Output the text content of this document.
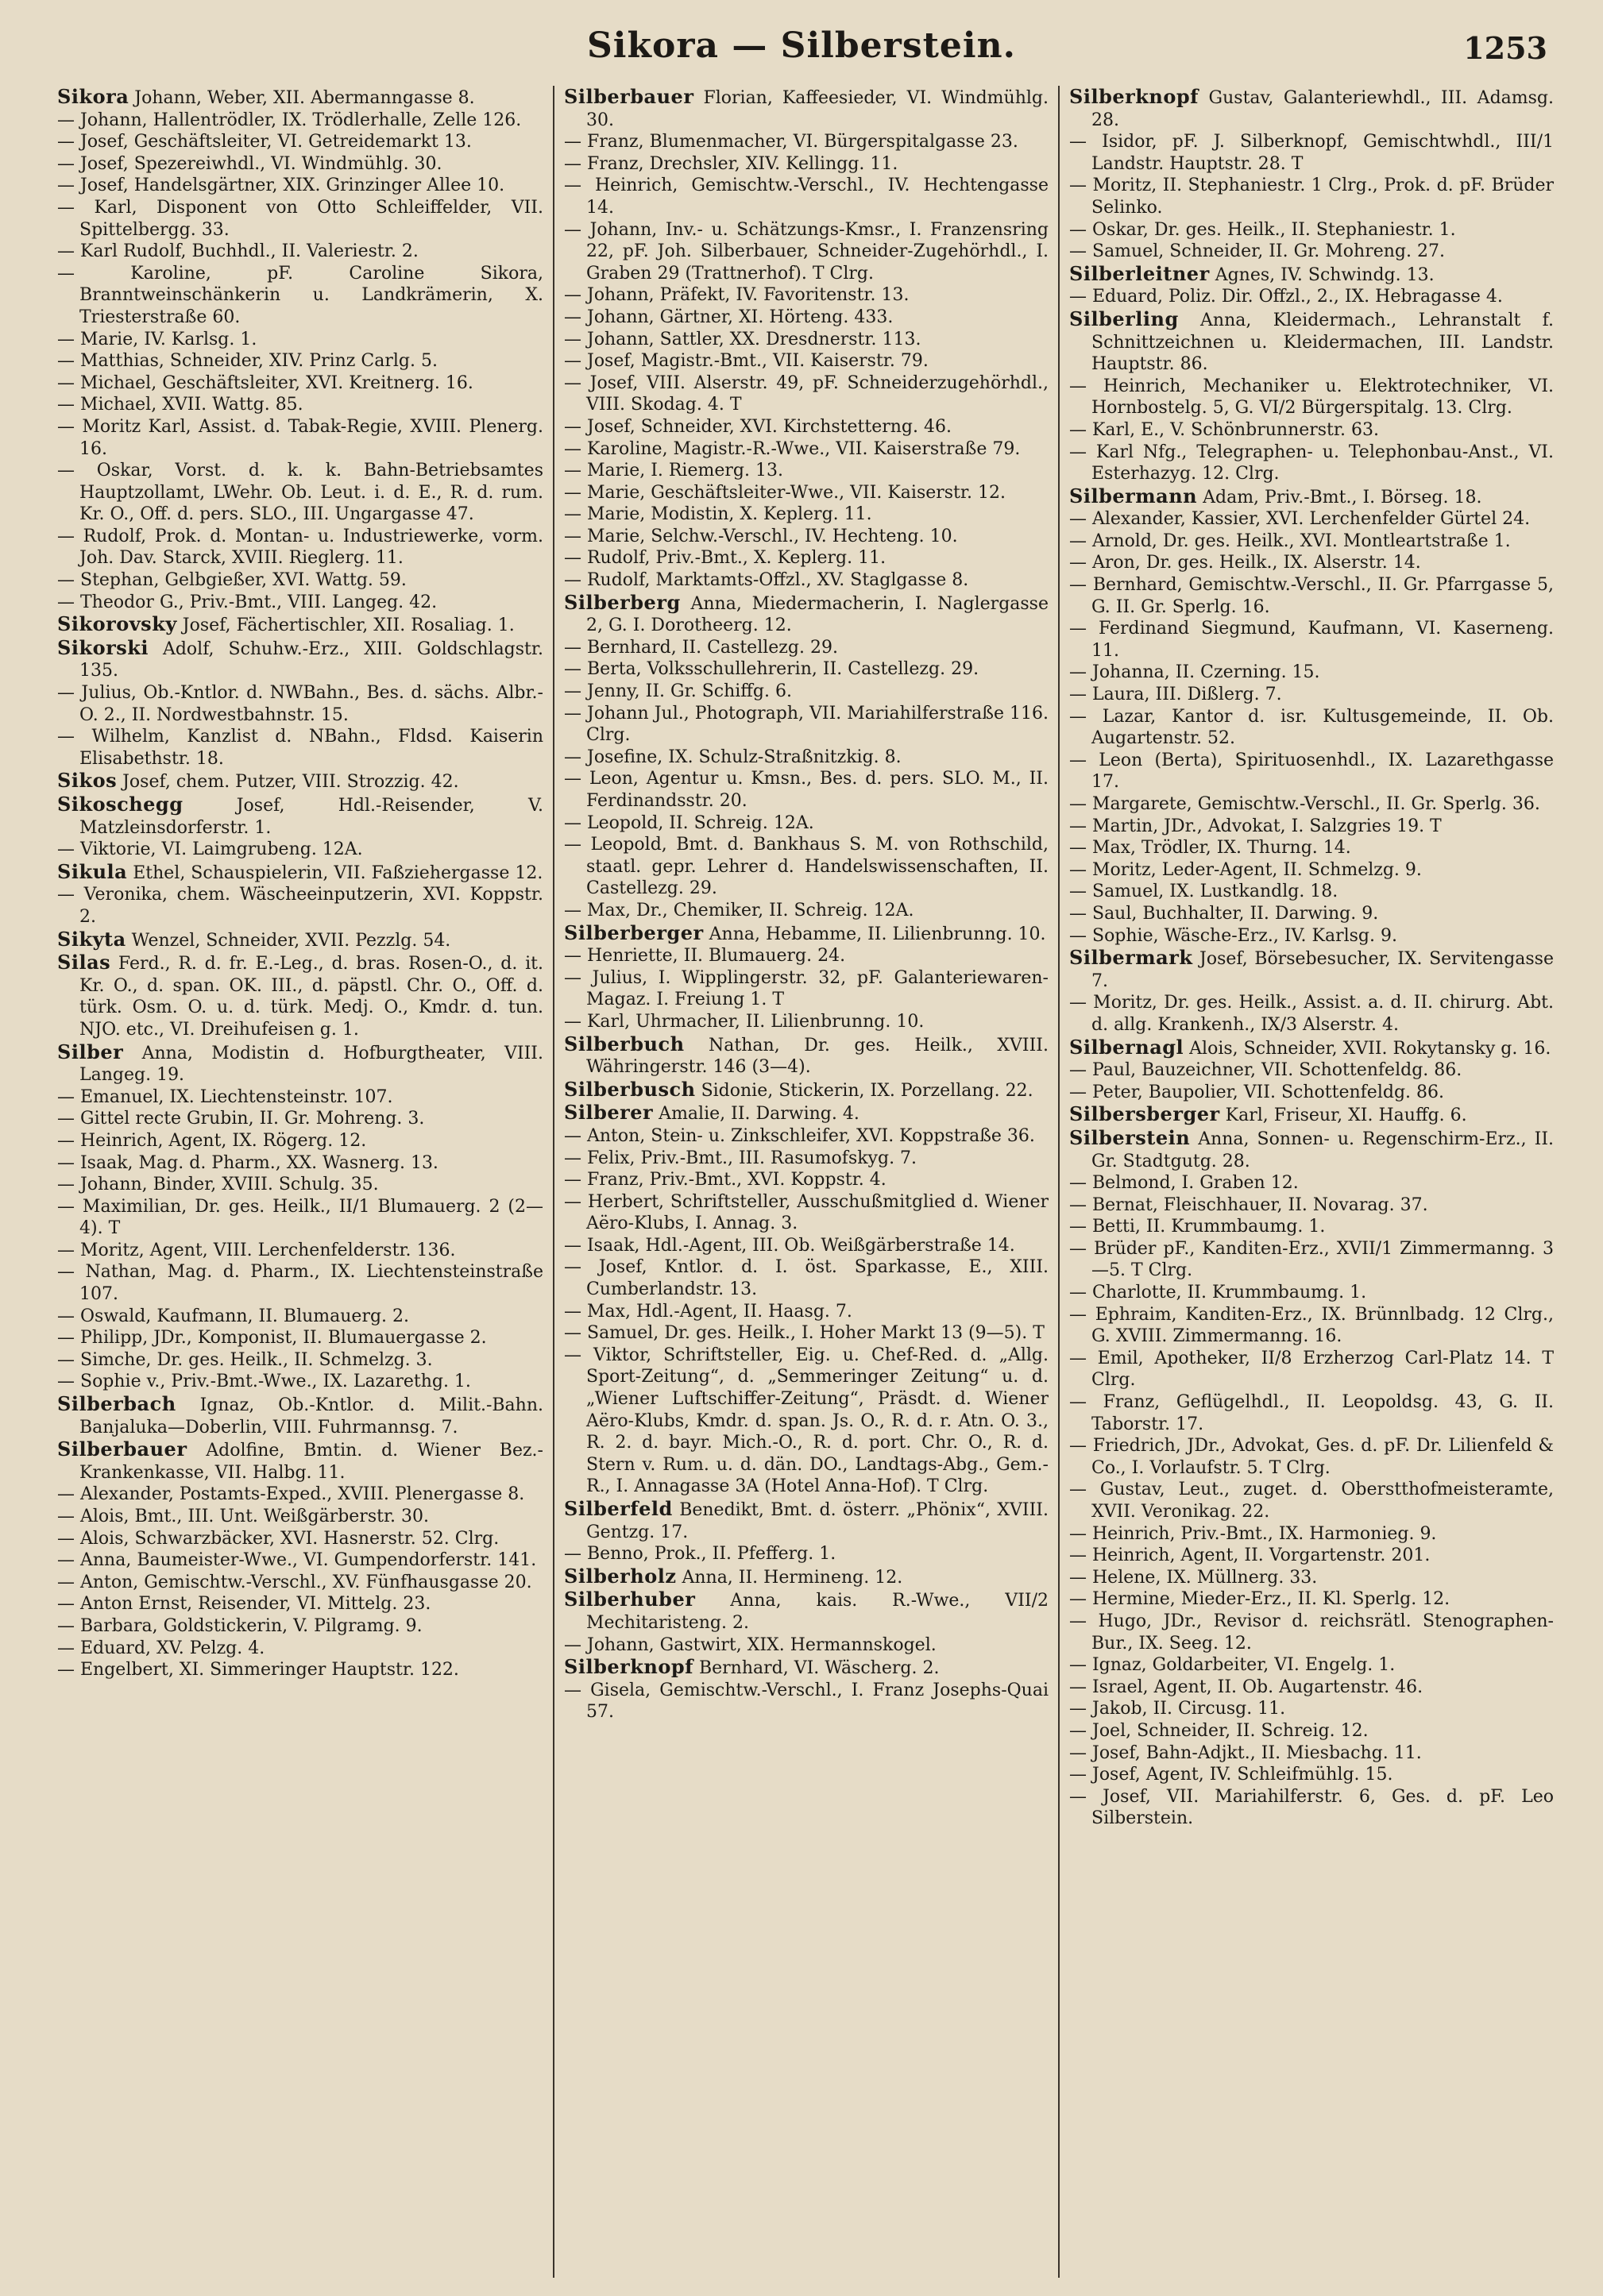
Sikora — Silberstein.	1253

Sikora Johann, Weber, XII. Abermanngasse 8.

— Johann, Hallentrödler, IX. Trödlerhalle, Zelle 126.

— Josef, Geschäftsleiter, VI. Getreidemarkt 13.

— Josef, Spezereiwhdl., VI. Windmühlg. 30.

— Josef, Handelsgärtner, XIX. Grinzinger Allee 10.

— Karl, Disponent von Otto Schleiffelder, VII. Spittelbergg. 33.

— Karl Rudolf, Buchhdl., II. Valeriestr. 2.

— Karoline, pF. Caroline Sikora, Branntweinschänkerin u. Landkrämerin, X. Triesterstraße 60.

— Marie, IV. Karlsg. 1.

— Matthias, Schneider, XIV. Prinz Carlg. 5.

— Michael, Geschäftsleiter, XVI. Kreitnerg. 16.

— Michael, XVII. Wattg. 85.

— Moritz Karl, Assist. d. Tabak-Regie, XVIII. Plenerg. 16.

— Oskar, Vorst. d. k. k. Bahn-Betriebsamtes Hauptzollamt, LWehr. Ob. Leut. i. d. E., R. d. rum. Kr. O., Off. d. pers. SLO., III. Ungargasse 47.

— Rudolf, Prok. d. Montan- u. Industriewerke, vorm. Joh. Dav. Starck, XVIII. Rieglerg. 11.

— Stephan, Gelbgießer, XVI. Wattg. 59.

— Theodor G., Priv.-Bmt., VIII. Langeg. 42.

Sikorovsky Josef, Fächertischler, XII. Rosaliag. 1.

Sikorski Adolf, Schuhw.-Erz., XIII. Goldschlagstr. 135.

— Julius, Ob.-Kntlor. d. NWBahn., Bes. d. sächs. Albr.-O. 2., II. Nordwestbahnstr. 15.

— Wilhelm, Kanzlist d. NBahn., Fldsd. Kaiserin Elisabethstr. 18.

Sikos Josef, chem. Putzer, VIII. Strozzig. 42.

Sikoschegg Josef, Hdl.-Reisender, V. Matzleinsdorferstr. 1.

— Viktorie, VI. Laimgrubeng. 12A.

Sikula Ethel, Schauspielerin, VII. Faßziehergasse 12.

— Veronika, chem. Wäscheeinputzerin, XVI. Koppstr. 2.

Sikyta Wenzel, Schneider, XVII. Pezzlg. 54.

Silas Ferd., R. d. fr. E.-Leg., d. bras. Rosen-O., d. it. Kr. O., d. span. OK. III., d. päpstl. Chr. O., Off. d. türk. Osm. O. u. d. türk. Medj. O., Kmdr. d. tun. NJO. etc., VI. Dreihufeisen g. 1.

Silber Anna, Modistin d. Hofburgtheater, VIII. Langeg. 19.

— Emanuel, IX. Liechtensteinstr. 107.

— Gittel recte Grubin, II. Gr. Mohreng. 3.

— Heinrich, Agent, IX. Rögerg. 12.

— Isaak, Mag. d. Pharm., XX. Wasnerg. 13.

— Johann, Binder, XVIII. Schulg. 35.

— Maximilian, Dr. ges. Heilk., II/1 Blumauerg. 2 (2—4). T

— Moritz, Agent, VIII. Lerchenfelderstr. 136.

— Nathan, Mag. d. Pharm., IX. Liechtensteinstraße 107.

— Oswald, Kaufmann, II. Blumauerg. 2.

— Philipp, JDr., Komponist, II. Blumauergasse 2.

— Simche, Dr. ges. Heilk., II. Schmelzg. 3.

— Sophie v., Priv.-Bmt.-Wwe., IX. Lazarethg. 1.

Silberbach Ignaz, Ob.-Kntlor. d. Milit.-Bahn. Banjaluka—Doberlin, VIII. Fuhrmannsg. 7.

Silberbauer Adolfine, Bmtin. d. Wiener Bez.-Krankenkasse, VII. Halbg. 11.

— Alexander, Postamts-Exped., XVIII. Plenergasse 8.

— Alois, Bmt., III. Unt. Weißgärberstr. 30.

— Alois, Schwarzbäcker, XVI. Hasnerstr. 52. Clrg.

— Anna, Baumeister-Wwe., VI. Gumpendorferstr. 141.

— Anton, Gemischtw.-Verschl., XV. Fünfhausgasse 20.

— Anton Ernst, Reisender, VI. Mittelg. 23.

— Barbara, Goldstickerin, V. Pilgramg. 9.

— Eduard, XV. Pelzg. 4.

— Engelbert, XI. Simmeringer Hauptstr. 122.

Silberbauer Florian, Kaffeesieder, VI. Windmühlg. 30.

— Franz, Blumenmacher, VI. Bürgerspitalgasse 23.

— Franz, Drechsler, XIV. Kellingg. 11.

— Heinrich, Gemischtw.-Verschl., IV. Hechtengasse 14.

— Johann, Inv.- u. Schätzungs-Kmsr., I. Franzensring 22, pF. Joh. Silberbauer, Schneider-Zugehörhdl., I. Graben 29 (Trattnerhof). T Clrg.

— Johann, Präfekt, IV. Favoritenstr. 13.

— Johann, Gärtner, XI. Hörteng. 433.

— Johann, Sattler, XX. Dresdnerstr. 113.

— Josef, Magistr.-Bmt., VII. Kaiserstr. 79.

— Josef, VIII. Alserstr. 49, pF. Schneiderzugehörhdl., VIII. Skodag. 4. T

— Josef, Schneider, XVI. Kirchstetterng. 46.

— Karoline, Magistr.-R.-Wwe., VII. Kaiserstraße 79.

— Marie, I. Riemerg. 13.

— Marie, Geschäftsleiter-Wwe., VII. Kaiserstr. 12.

— Marie, Modistin, X. Keplerg. 11.

— Marie, Selchw.-Verschl., IV. Hechteng. 10.

— Rudolf, Priv.-Bmt., X. Keplerg. 11.

— Rudolf, Marktamts-Offzl., XV. Staglgasse 8.

Silberberg Anna, Miedermacherin, I. Naglergasse 2, G. I. Dorotheerg. 12.

— Bernhard, II. Castellezg. 29.

— Berta, Volksschullehrerin, II. Castellezg. 29.

— Jenny, II. Gr. Schiffg. 6.

— Johann Jul., Photograph, VII. Mariahilferstraße 116. Clrg.

— Josefine, IX. Schulz-Straßnitzkig. 8.

— Leon, Agentur u. Kmsn., Bes. d. pers. SLO. M., II. Ferdinandsstr. 20.

— Leopold, II. Schreig. 12A.

— Leopold, Bmt. d. Bankhaus S. M. von Rothschild, staatl. gepr. Lehrer d. Handelswissenschaften, II. Castellezg. 29.

— Max, Dr., Chemiker, II. Schreig. 12A.

Silberberger Anna, Hebamme, II. Lilienbrunng. 10.

— Henriette, II. Blumauerg. 24.

— Julius, I. Wipplingerstr. 32, pF. Galanteriewaren-Magaz. I. Freiung 1. T

— Karl, Uhrmacher, II. Lilienbrunng. 10.

Silberbuch Nathan, Dr. ges. Heilk., XVIII. Währingerstr. 146 (3—4).

Silberbusch Sidonie, Stickerin, IX. Porzellang. 22.

Silberer Amalie, II. Darwing. 4.

— Anton, Stein- u. Zinkschleifer, XVI. Koppstraße 36.

— Felix, Priv.-Bmt., III. Rasumofskyg. 7.

— Franz, Priv.-Bmt., XVI. Koppstr. 4.

— Herbert, Schriftsteller, Ausschußmitglied d. Wiener Aëro-Klubs, I. Annag. 3.

— Isaak, Hdl.-Agent, III. Ob. Weißgärberstraße 14.

— Josef, Kntlor. d. I. öst. Sparkasse, E., XIII. Cumberlandstr. 13.

— Max, Hdl.-Agent, II. Haasg. 7.

— Samuel, Dr. ges. Heilk., I. Hoher Markt 13 (9—5). T

— Viktor, Schriftsteller, Eig. u. Chef-Red. d. „Allg. Sport-Zeitung“, d. „Semmeringer Zeitung“ u. d. „Wiener Luftschiffer-Zeitung“, Präsdt. d. Wiener Aëro-Klubs, Kmdr. d. span. Js. O., R. d. r. Atn. O. 3., R. 2. d. bayr. Mich.-O., R. d. port. Chr. O., R. d. Stern v. Rum. u. d. dän. DO., Landtags-Abg., Gem.-R., I. Annagasse 3A (Hotel Anna-Hof). T Clrg.

Silberfeld Benedikt, Bmt. d. österr. „Phönix“, XVIII. Gentzg. 17.

— Benno, Prok., II. Pfefferg. 1.

Silberholz Anna, II. Hermineng. 12.

Silberhuber Anna, kais. R.-Wwe., VII/2 Mechitaristeng. 2.

— Johann, Gastwirt, XIX. Hermannskogel.

Silberknopf Bernhard, VI. Wäscherg. 2.

— Gisela, Gemischtw.-Verschl., I. Franz Josephs-Quai 57.

Silberknopf Gustav, Galanteriewhdl., III. Adamsg. 28.

— Isidor, pF. J. Silberknopf, Gemischtwhdl., III/1 Landstr. Hauptstr. 28. T

— Moritz, II. Stephaniestr. 1 Clrg., Prok. d. pF. Brüder Selinko.

— Oskar, Dr. ges. Heilk., II. Stephaniestr. 1.

— Samuel, Schneider, II. Gr. Mohreng. 27.

Silberleitner Agnes, IV. Schwindg. 13.

— Eduard, Poliz. Dir. Offzl., 2., IX. Hebragasse 4.

Silberling Anna, Kleidermach., Lehranstalt f. Schnittzeichnen u. Kleidermachen, III. Landstr. Hauptstr. 86.

— Heinrich, Mechaniker u. Elektrotechniker, VI. Hornbostelg. 5, G. VI/2 Bürgerspitalg. 13. Clrg.

— Karl, E., V. Schönbrunnerstr. 63.

— Karl Nfg., Telegraphen- u. Telephonbau-Anst., VI. Esterhazyg. 12. Clrg.

Silbermann Adam, Priv.-Bmt., I. Börseg. 18.

— Alexander, Kassier, XVI. Lerchenfelder Gürtel 24.

— Arnold, Dr. ges. Heilk., XVI. Montleartstraße 1.

— Aron, Dr. ges. Heilk., IX. Alserstr. 14.

— Bernhard, Gemischtw.-Verschl., II. Gr. Pfarrgasse 5, G. II. Gr. Sperlg. 16.

— Ferdinand Siegmund, Kaufmann, VI. Kaserneng. 11.

— Johanna, II. Czerning. 15.

— Laura, III. Dißlerg. 7.

— Lazar, Kantor d. isr. Kultusgemeinde, II. Ob. Augartenstr. 52.

— Leon (Berta), Spirituosenhdl., IX. Lazarethgasse 17.

— Margarete, Gemischtw.-Verschl., II. Gr. Sperlg. 36.

— Martin, JDr., Advokat, I. Salzgries 19. T

— Max, Trödler, IX. Thurng. 14.

— Moritz, Leder-Agent, II. Schmelzg. 9.

— Samuel, IX. Lustkandlg. 18.

— Saul, Buchhalter, II. Darwing. 9.

— Sophie, Wäsche-Erz., IV. Karlsg. 9.

Silbermark Josef, Börsebesucher, IX. Servitengasse 7.

— Moritz, Dr. ges. Heilk., Assist. a. d. II. chirurg. Abt. d. allg. Krankenh., IX/3 Alserstr. 4.

Silbernagl Alois, Schneider, XVII. Rokytansky g. 16.

— Paul, Bauzeichner, VII. Schottenfeldg. 86.

— Peter, Baupolier, VII. Schottenfeldg. 86.

Silbersberger Karl, Friseur, XI. Hauffg. 6.

Silberstein Anna, Sonnen- u. Regenschirm-Erz., II. Gr. Stadtgutg. 28.

— Belmond, I. Graben 12.

— Bernat, Fleischhauer, II. Novarag. 37.

— Betti, II. Krummbaumg. 1.

— Brüder pF., Kanditen-Erz., XVII/1 Zimmermanng. 3—5. T Clrg.

— Charlotte, II. Krummbaumg. 1.

— Ephraim, Kanditen-Erz., IX. Brünnlbadg. 12 Clrg., G. XVIII. Zimmermanng. 16.

— Emil, Apotheker, II/8 Erzherzog Carl-Platz 14. T Clrg.

— Franz, Geflügelhdl., II. Leopoldsg. 43, G. II. Taborstr. 17.

— Friedrich, JDr., Advokat, Ges. d. pF. Dr. Lilienfeld & Co., I. Vorlaufstr. 5. T Clrg.

— Gustav, Leut., zuget. d. Oberstthofmeisteramte, XVII. Veronikag. 22.

— Heinrich, Priv.-Bmt., IX. Harmonieg. 9.

— Heinrich, Agent, II. Vorgartenstr. 201.

— Helene, IX. Müllnerg. 33.

— Hermine, Mieder-Erz., II. Kl. Sperlg. 12.

— Hugo, JDr., Revisor d. reichsrätl. Stenographen-Bur., IX. Seeg. 12.

— Ignaz, Goldarbeiter, VI. Engelg. 1.

— Israel, Agent, II. Ob. Augartenstr. 46.

— Jakob, II. Circusg. 11.

— Joel, Schneider, II. Schreig. 12.

— Josef, Bahn-Adjkt., II. Miesbachg. 11.

— Josef, Agent, IV. Schleifmühlg. 15.

— Josef, VII. Mariahilferstr. 6, Ges. d. pF. Leo Silberstein.
